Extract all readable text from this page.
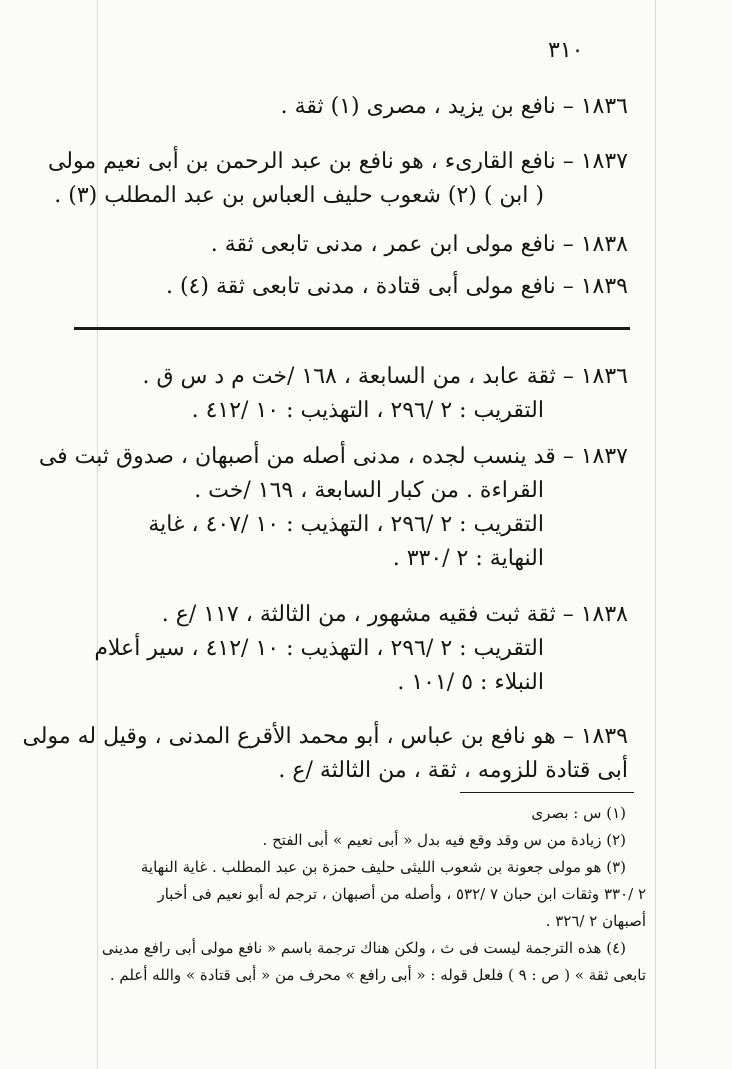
٣١٠
١٨٣٦ – نافع بن يزيد ، مصرى (١) ثقة .
١٨٣٧ – نافع القارىء ، هو نافع بن عبد الرحمن بن أبى نعيم مولى
( ابن ) (٢) شعوب حليف العباس بن عبد المطلب (٣) .
١٨٣٨ – نافع مولى ابن عمر ، مدنى تابعى ثقة .
١٨٣٩ – نافع مولى أبى قتادة ، مدنى تابعى ثقة (٤) .
١٨٣٦ – ثقة عابد ، من السابعة ، ١٦٨ /خت م د س ق .
التقريب : ٢ /٢٩٦ ، التهذيب : ١٠ /٤١٢ .
١٨٣٧ – قد ينسب لجده ، مدنى أصله من أصبهان ، صدوق ثبت فى
القراءة . من كبار السابعة ، ١٦٩ /خت .
التقريب : ٢ /٢٩٦ ، التهذيب : ١٠ /٤٠٧ ، غاية
النهاية : ٢ /٣٣٠ .
١٨٣٨ – ثقة ثبت فقيه مشهور ، من الثالثة ، ١١٧ /ع .
التقريب : ٢ /٢٩٦ ، التهذيب : ١٠ /٤١٢ ، سير أعلام
النبلاء : ٥ /١٠١ .
١٨٣٩ – هو نافع بن عباس ، أبو محمد الأقرع المدنى ، وقيل له مولى
أبى قتادة للزومه ، ثقة ، من الثالثة /ع .
(١) س : بصرى
(٢) زيادة من س وقد وقع فيه بدل « أبى نعيم » أبى الفتح .
(٣) هو مولى جعونة بن شعوب الليثى حليف حمزة بن عبد المطلب . غاية النهاية
٢ /٣٣٠ وثقات ابن حبان ٧ /٥٣٢ ، وأصله من أصبهان ، ترجم له أبو نعيم فى أخبار
أصبهان ٢ /٣٢٦ .
(٤) هذه الترجمة ليست فى ث ، ولكن هناك ترجمة باسم « نافع مولى أبى رافع مدينى
تابعى ثقة » ( ص : ٩ ) فلعل قوله : « أبى رافع » محرف من « أبى قتادة » والله أعلم .
